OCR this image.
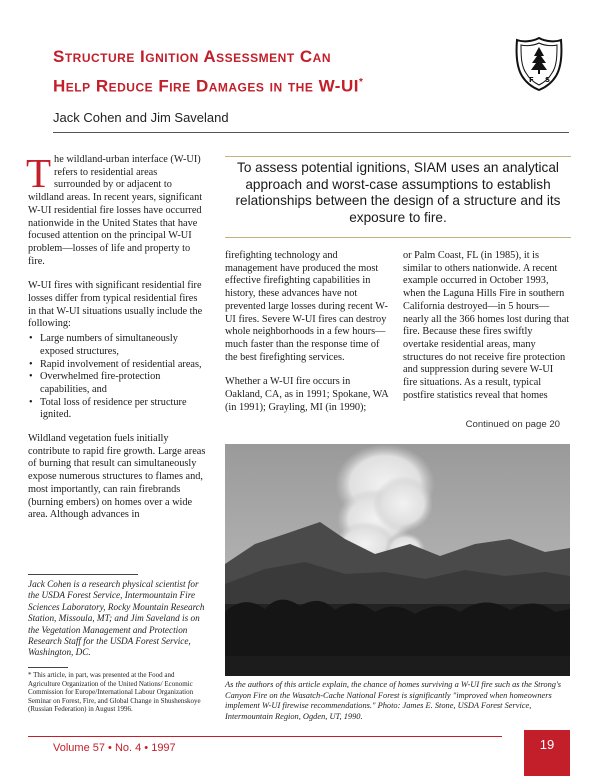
Structure Ignition Assessment Can
Help Reduce Fire Damages in the W-UI*	F S
Jack Cohen and Jim Saveland

The wildland-urban interface (W-UI) refers to residential areas surrounded by or adjacent to wildland areas. In recent years, significant W-UI residential fire losses have occurred nationwide in the United States that have focused attention on the principal W-UI problem—losses of life and property to fire.

W-UI fires with significant residential fire losses differ from typical residential fires in that W-UI situations usually include the following:

• Large numbers of simultaneously exposed structures,
• Rapid involvement of residential areas,
• Overwhelmed fire-protection capabilities, and
• Total loss of residence per structure ignited.

Wildland vegetation fuels initially contribute to rapid fire growth. Large areas of burning that result can simultaneously expose numerous structures to flames and, most importantly, can rain firebrands (burning embers) on homes over a wide area. Although advances in

Jack Cohen is a research physical scientist for the USDA Forest Service, Intermountain Fire Sciences Laboratory, Rocky Mountain Research Station, Missoula, MT; and Jim Saveland is on the Vegetation Management and Protection Research Staff for the USDA Forest Service, Washington, DC.
* This article, in part, was presented at the Food and Agriculture Organization of the United Nations/ Economic Commission for Europe/International Labour Organization Seminar on Forest, Fire, and Global Change in Shushenskoye (Russian Federation) in August 1996.
To assess potential ignitions, SIAM uses an analytical approach and worst-case assumptions to establish relationships between the design of a structure and its exposure to fire.

firefighting technology and management have produced the most effective firefighting capabilities in history, these advances have not prevented large losses during recent W-UI fires. Severe W-UI fires can destroy whole neighborhoods in a few hours—much faster than the response time of the best firefighting services.

Whether a W-UI fire occurs in Oakland, CA, as in 1991; Spokane, WA (in 1991); Grayling, MI (in 1990);

or Palm Coast, FL (in 1985), it is similar to others nationwide. A recent example occurred in October 1993, when the Laguna Hills Fire in southern California destroyed—in 5 hours—nearly all the 366 homes lost during that fire. Because these fires swiftly overtake residential areas, many structures do not receive fire protection and suppression during severe W-UI fire situations. As a result, typical postfire statistics reveal that homes

Continued on page 20
As the authors of this article explain, the chance of homes surviving a W-UI fire such as the Strong's Canyon Fire on the Wasatch-Cache National Forest is significantly "improved when homeowners implement W-UI firewise recommendations." Photo: James E. Stone, USDA Forest Service, Intermountain Region, Ogden, UT, 1990.
Volume 57 • No. 4 • 1997	19
